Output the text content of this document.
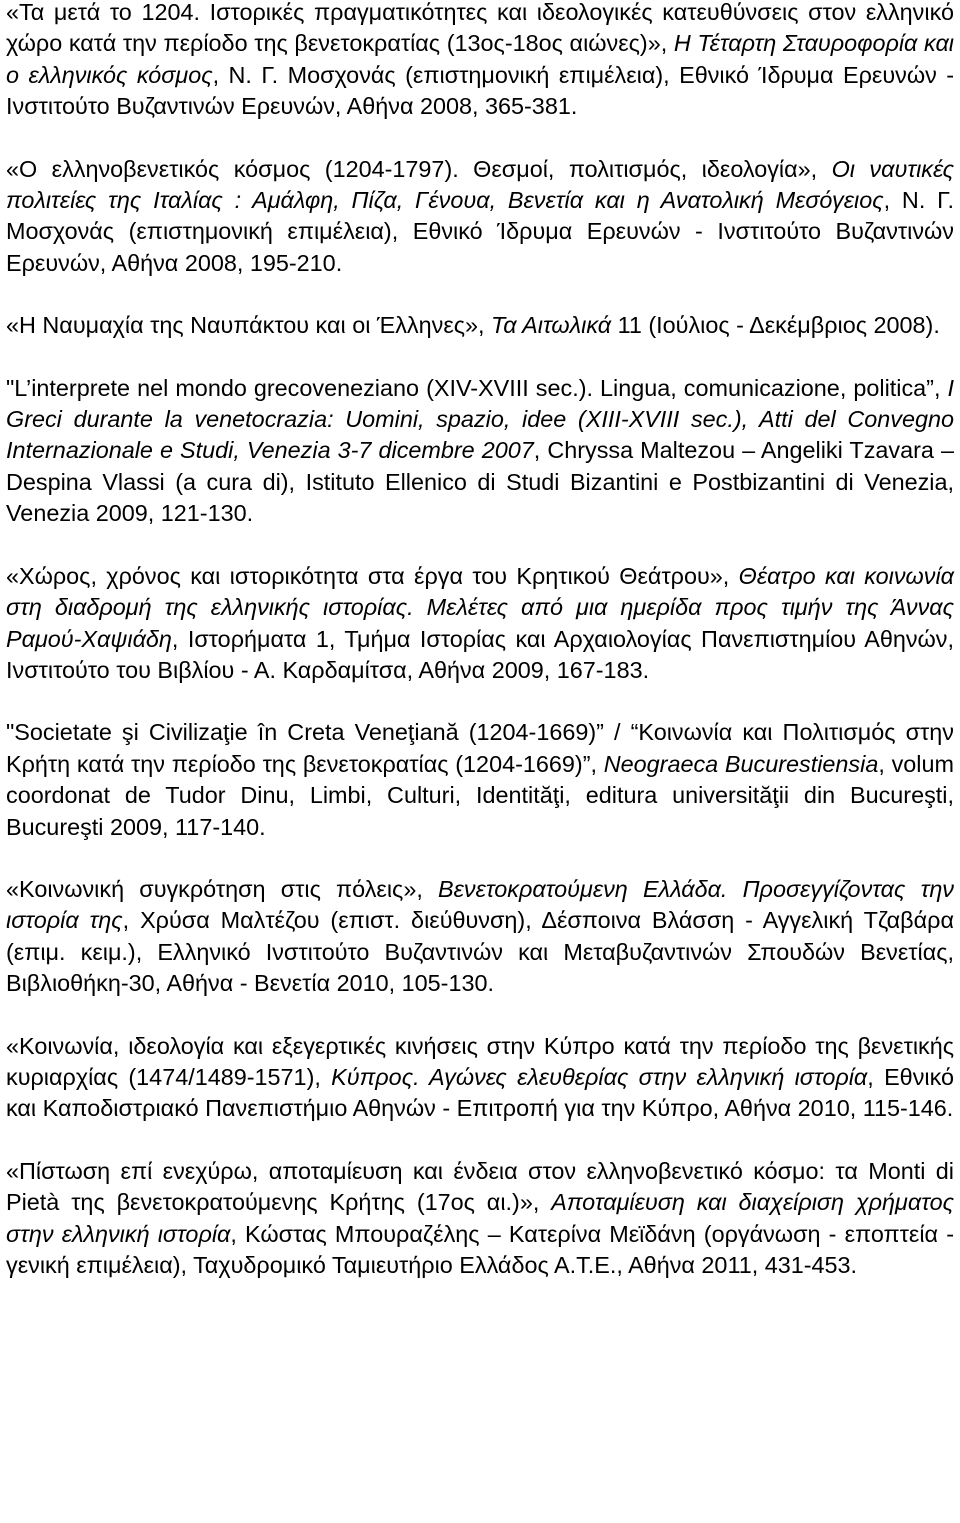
«Τα μετά το 1204. Ιστορικές πραγματικότητες και ιδεολογικές κατευθύνσεις στον ελληνικό χώρο κατά την περίοδο της βενετοκρατίας (13ος-18ος αιώνες)», Η Τέταρτη Σταυροφορία και ο ελληνικός κόσμος, Ν. Γ. Μοσχονάς (επιστημονική επιμέλεια), Εθνικό Ίδρυμα Ερευνών - Ινστιτούτο Βυζαντινών Ερευνών, Αθήνα 2008, 365-381.
«Ο ελληνοβενετικός κόσμος (1204-1797). Θεσμοί, πολιτισμός, ιδεολογία», Οι ναυτικές πολιτείες της Ιταλίας : Αμάλφη, Πίζα, Γένουα, Βενετία και η Ανατολική Μεσόγειος, Ν. Γ. Μοσχονάς (επιστημονική επιμέλεια), Εθνικό Ίδρυμα Ερευνών - Ινστιτούτο Βυζαντινών Ερευνών, Αθήνα 2008, 195-210.
«Η Ναυμαχία της Ναυπάκτου και οι Έλληνες», Τα Αιτωλικά 11 (Ιούλιος - Δεκέμβριος 2008).
"L’interprete nel mondo grecoveneziano (XIV-XVIII sec.). Lingua, comunicazione, politica”, I Greci durante la venetocrazia: Uomini, spazio, idee (XIII-XVIII sec.), Atti del Convegno Internazionale e Studi, Venezia 3-7 dicembre 2007, Chryssa Maltezou – Angeliki Tzavara – Despina Vlassi (a cura di), Istituto Ellenico di Studi Bizantini e Postbizantini di Venezia, Venezia 2009, 121-130.
«Χώρος, χρόνος και ιστορικότητα στα έργα του Κρητικού Θεάτρου», Θέατρο και κοινωνία στη διαδρομή της ελληνικής ιστορίας. Μελέτες από μια ημερίδα προς τιμήν της Άννας Ραμού-Χαψιάδη, Ιστορήματα 1, Τμήμα Ιστορίας και Αρχαιολογίας Πανεπιστημίου Αθηνών, Ινστιτούτο του Βιβλίου - Α. Καρδαμίτσα, Αθήνα 2009, 167-183.
"Societate şi Civilizaţie în Creta Veneţiană (1204-1669)” / “Κοινωνία και Πολιτισμός στην Κρήτη κατά την περίοδο της βενετοκρατίας (1204-1669)”, Neograeca Bucurestiensia, volum coordonat de Tudor Dinu, Limbi, Culturi, Identităţi, editura universităţii din Bucureşti, Bucureşti 2009, 117-140.
«Κοινωνική συγκρότηση στις πόλεις», Βενετοκρατούμενη Ελλάδα. Προσεγγίζοντας την ιστορία της, Χρύσα Μαλτέζου (επιστ. διεύθυνση), Δέσποινα Βλάσση - Αγγελική Τζαβάρα (επιμ. κειμ.), Ελληνικό Ινστιτούτο Βυζαντινών και Μεταβυζαντινών Σπουδών Βενετίας, Βιβλιοθήκη-30, Αθήνα - Βενετία 2010, 105-130.
«Κοινωνία, ιδεολογία και εξεγερτικές κινήσεις στην Κύπρο κατά την περίοδο της βενετικής κυριαρχίας (1474/1489-1571), Κύπρος. Αγώνες ελευθερίας στην ελληνική ιστορία, Εθνικό και Καποδιστριακό Πανεπιστήμιο Αθηνών - Επιτροπή για την Κύπρο, Αθήνα 2010, 115-146.
«Πίστωση επί ενεχύρω, αποταμίευση και ένδεια στον ελληνοβενετικό κόσμο: τα Monti di Pietà της βενετοκρατούμενης Κρήτης (17ος αι.)», Αποταμίευση και διαχείριση χρήματος στην ελληνική ιστορία, Κώστας Μπουραζέλης – Κατερίνα Μεϊδάνη (οργάνωση - εποπτεία - γενική επιμέλεια), Ταχυδρομικό Ταμιευτήριο Ελλάδος Α.Τ.Ε., Αθήνα 2011, 431-453.
